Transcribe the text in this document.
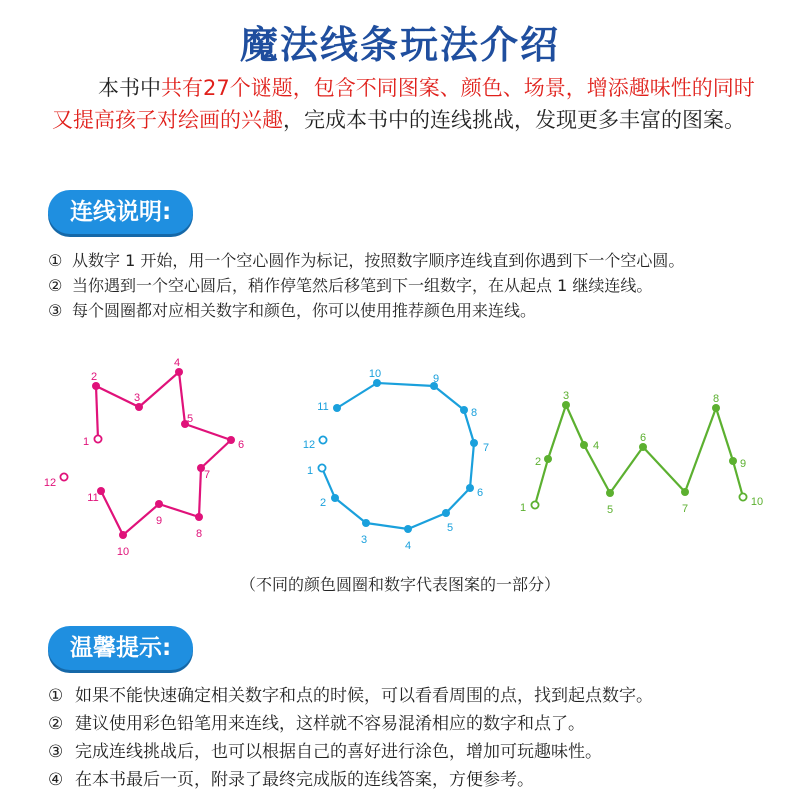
魔法线条玩法介绍
本书中共有27个谜题，包含不同图案、颜色、场景，增添趣味性的同时又提高孩子对绘画的兴趣，完成本书中的连线挑战，发现更多丰富的图案。
连线说明:
① 从数字 1 开始，用一个空心圆作为标记，按照数字顺序连线直到你遇到下一个空心圆。
② 当你遇到一个空心圆后，稍作停笔然后移笔到下一组数字，在从起点 1 继续连线。
③ 每个圆圈都对应相关数字和颜色，你可以使用推荐颜色用来连线。
1
2
3
4
5
6
7
8
9
10
11
12
1
2
3	4
5
6
7
8
9
10
11
12
1
2
3
4
5
6
7
8
9
10
（不同的颜色圆圈和数字代表图案的一部分）
温馨提示:
① 如果不能快速确定相关数字和点的时候，可以看看周围的点，找到起点数字。
② 建议使用彩色铅笔用来连线，这样就不容易混淆相应的数字和点了。
③ 完成连线挑战后，也可以根据自己的喜好进行涂色，增加可玩趣味性。
④ 在本书最后一页，附录了最终完成版的连线答案，方便参考。
